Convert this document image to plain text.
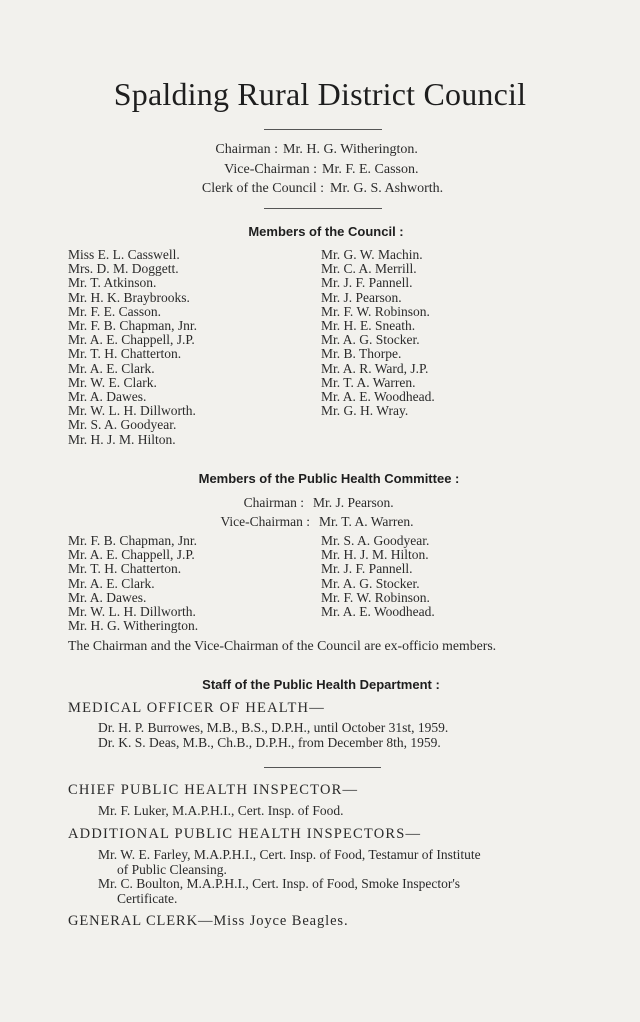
Spalding Rural District Council
Chairman : Mr. H. G. Witherington.
Vice-Chairman : Mr. F. E. Casson.
Clerk of the Council : Mr. G. S. Ashworth.
Members of the Council :
Miss E. L. Casswell.
Mrs. D. M. Doggett.
Mr. T. Atkinson.
Mr. H. K. Braybrooks.
Mr. F. E. Casson.
Mr. F. B. Chapman, Jnr.
Mr. A. E. Chappell, J.P.
Mr. T. H. Chatterton.
Mr. A. E. Clark.
Mr. W. E. Clark.
Mr. A. Dawes.
Mr. W. L. H. Dillworth.
Mr. S. A. Goodyear.
Mr. H. J. M. Hilton.
Mr. G. W. Machin.
Mr. C. A. Merrill.
Mr. J. F. Pannell.
Mr. J. Pearson.
Mr. F. W. Robinson.
Mr. H. E. Sneath.
Mr. A. G. Stocker.
Mr. B. Thorpe.
Mr. A. R. Ward, J.P.
Mr. T. A. Warren.
Mr. A. E. Woodhead.
Mr. G. H. Wray.
Members of the Public Health Committee :
Chairman : Mr. J. Pearson.
Vice-Chairman : Mr. T. A. Warren.
Mr. F. B. Chapman, Jnr.
Mr. A. E. Chappell, J.P.
Mr. T. H. Chatterton.
Mr. A. E. Clark.
Mr. A. Dawes.
Mr. W. L. H. Dillworth.
Mr. H. G. Witherington.
Mr. S. A. Goodyear.
Mr. H. J. M. Hilton.
Mr. J. F. Pannell.
Mr. A. G. Stocker.
Mr. F. W. Robinson.
Mr. A. E. Woodhead.
The Chairman and the Vice-Chairman of the Council are ex-officio members.
Staff of the Public Health Department :
MEDICAL OFFICER OF HEALTH—
Dr. H. P. Burrowes, M.B., B.S., D.P.H., until October 31st, 1959.
Dr. K. S. Deas, M.B., Ch.B., D.P.H., from December 8th, 1959.
CHIEF PUBLIC HEALTH INSPECTOR—
Mr. F. Luker, M.A.P.H.I., Cert. Insp. of Food.
ADDITIONAL PUBLIC HEALTH INSPECTORS—
Mr. W. E. Farley, M.A.P.H.I., Cert. Insp. of Food, Testamur of Institute
of Public Cleansing.
Mr. C. Boulton, M.A.P.H.I., Cert. Insp. of Food, Smoke Inspector's
Certificate.
GENERAL CLERK—Miss Joyce Beagles.
